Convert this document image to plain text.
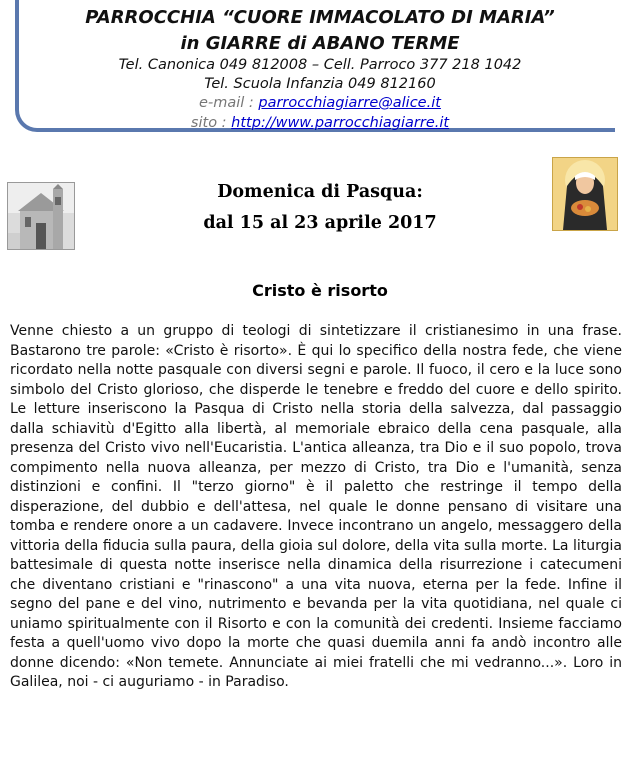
PARROCCHIA “CUORE IMMACOLATO DI MARIA”
in GIARRE di ABANO TERME
Tel. Canonica 049 812008 – Cell. Parroco 377 218 1042
Tel. Scuola Infanzia 049 812160
e-mail : parrocchiagiarre@alice.it
sito : http://www.parrocchiagiarre.it
Domenica di Pasqua:
dal 15 al 23 aprile 2017
Cristo è risorto
Venne chiesto a un gruppo di teologi di sintetizzare il cristianesimo in una frase. Bastarono tre parole: «Cristo è risorto». È qui lo specifico della nostra fede, che viene ricordato nella notte pasquale con diversi segni e parole. Il fuoco, il cero e la luce sono simbolo del Cristo glorioso, che disperde le tenebre e freddo del cuore e dello spirito. Le letture inseriscono la Pasqua di Cristo nella storia della salvezza, dal passaggio dalla schiavitù d'Egitto alla libertà, al memoriale ebraico della cena pasquale, alla presenza del Cristo vivo nell'Eucaristia. L'antica alleanza, tra Dio e il suo popolo, trova compimento nella nuova alleanza, per mezzo di Cristo, tra Dio e l'umanità, senza distinzioni e confini. Il "terzo giorno" è il paletto che restringe il tempo della disperazione, del dubbio e dell'attesa, nel quale le donne pensano di visitare una tomba e rendere onore a un cadavere. Invece incontrano un angelo, messaggero della vittoria della fiducia sulla paura, della gioia sul dolore, della vita sulla morte. La liturgia battesimale di questa notte inserisce nella dinamica della risurrezione i catecumeni che diventano cristiani e "rinascono" a una vita nuova, eterna per la fede. Infine il segno del pane e del vino, nutrimento e bevanda per la vita quotidiana, nel quale ci uniamo spiritualmente con il Risorto e con la comunità dei credenti. Insieme facciamo festa a quell'uomo vivo dopo la morte che quasi duemila anni fa andò incontro alle donne dicendo: «Non temete. Annunciate ai miei fratelli che mi vedranno...». Loro in Galilea, noi - ci auguriamo - in Paradiso.
